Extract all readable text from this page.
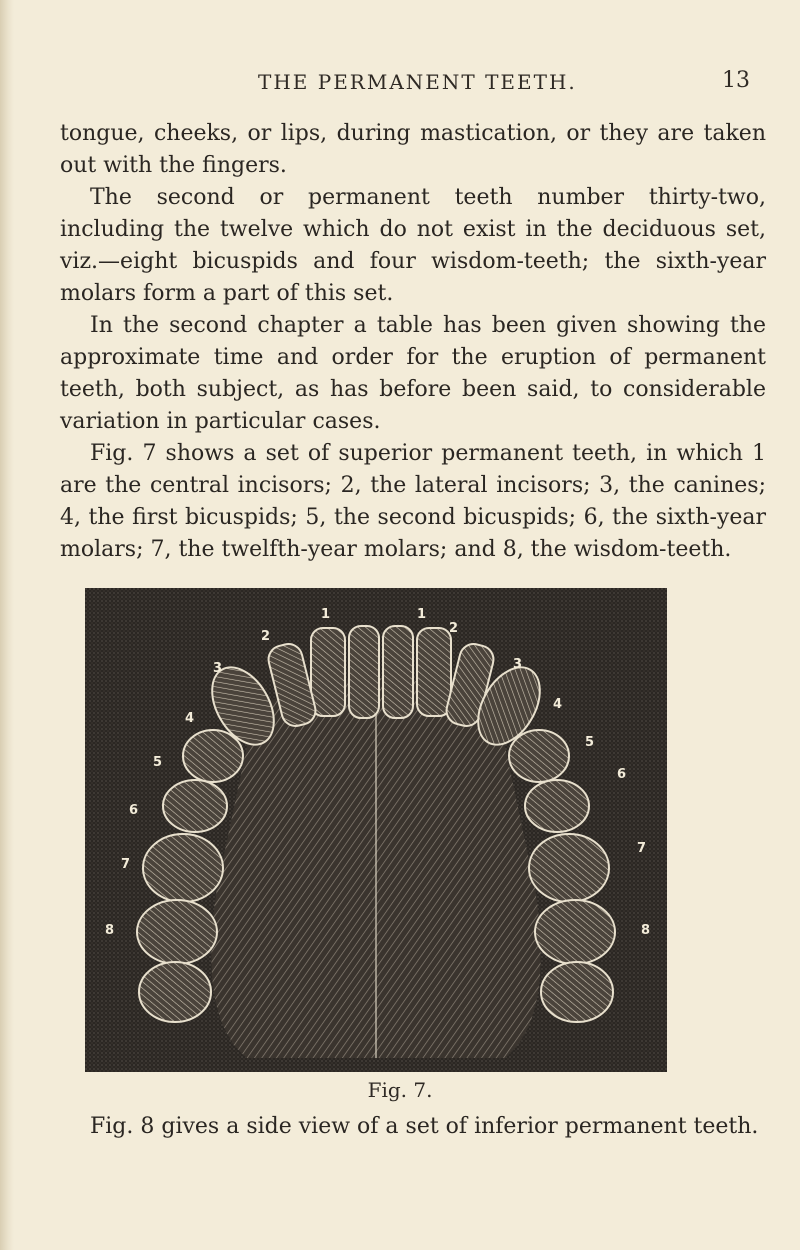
THE PERMANENT TEETH.	13

tongue, cheeks, or lips, during mastication, or they are taken out with the fingers.

The second or permanent teeth number thirty-two, including the twelve which do not exist in the deciduous set, viz.—eight bicuspids and four wisdom-teeth; the sixth-year molars form a part of this set.

In the second chapter a table has been given showing the approximate time and order for the eruption of permanent teeth, both subject, as has before been said, to considerable variation in particular cases.

Fig. 7 shows a set of superior permanent teeth, in which 1 are the central incisors; 2, the lateral incisors; 3, the canines; 4, the first bicuspids; 5, the second bicuspids; 6, the sixth-year molars; 7, the twelfth-year molars; and 8, the wisdom-teeth.

1	1
2
2
3	3
4
4
5
5
6
6
7
7
8	8
Fig. 7.

Fig. 8 gives a side view of a set of inferior permanent teeth.
